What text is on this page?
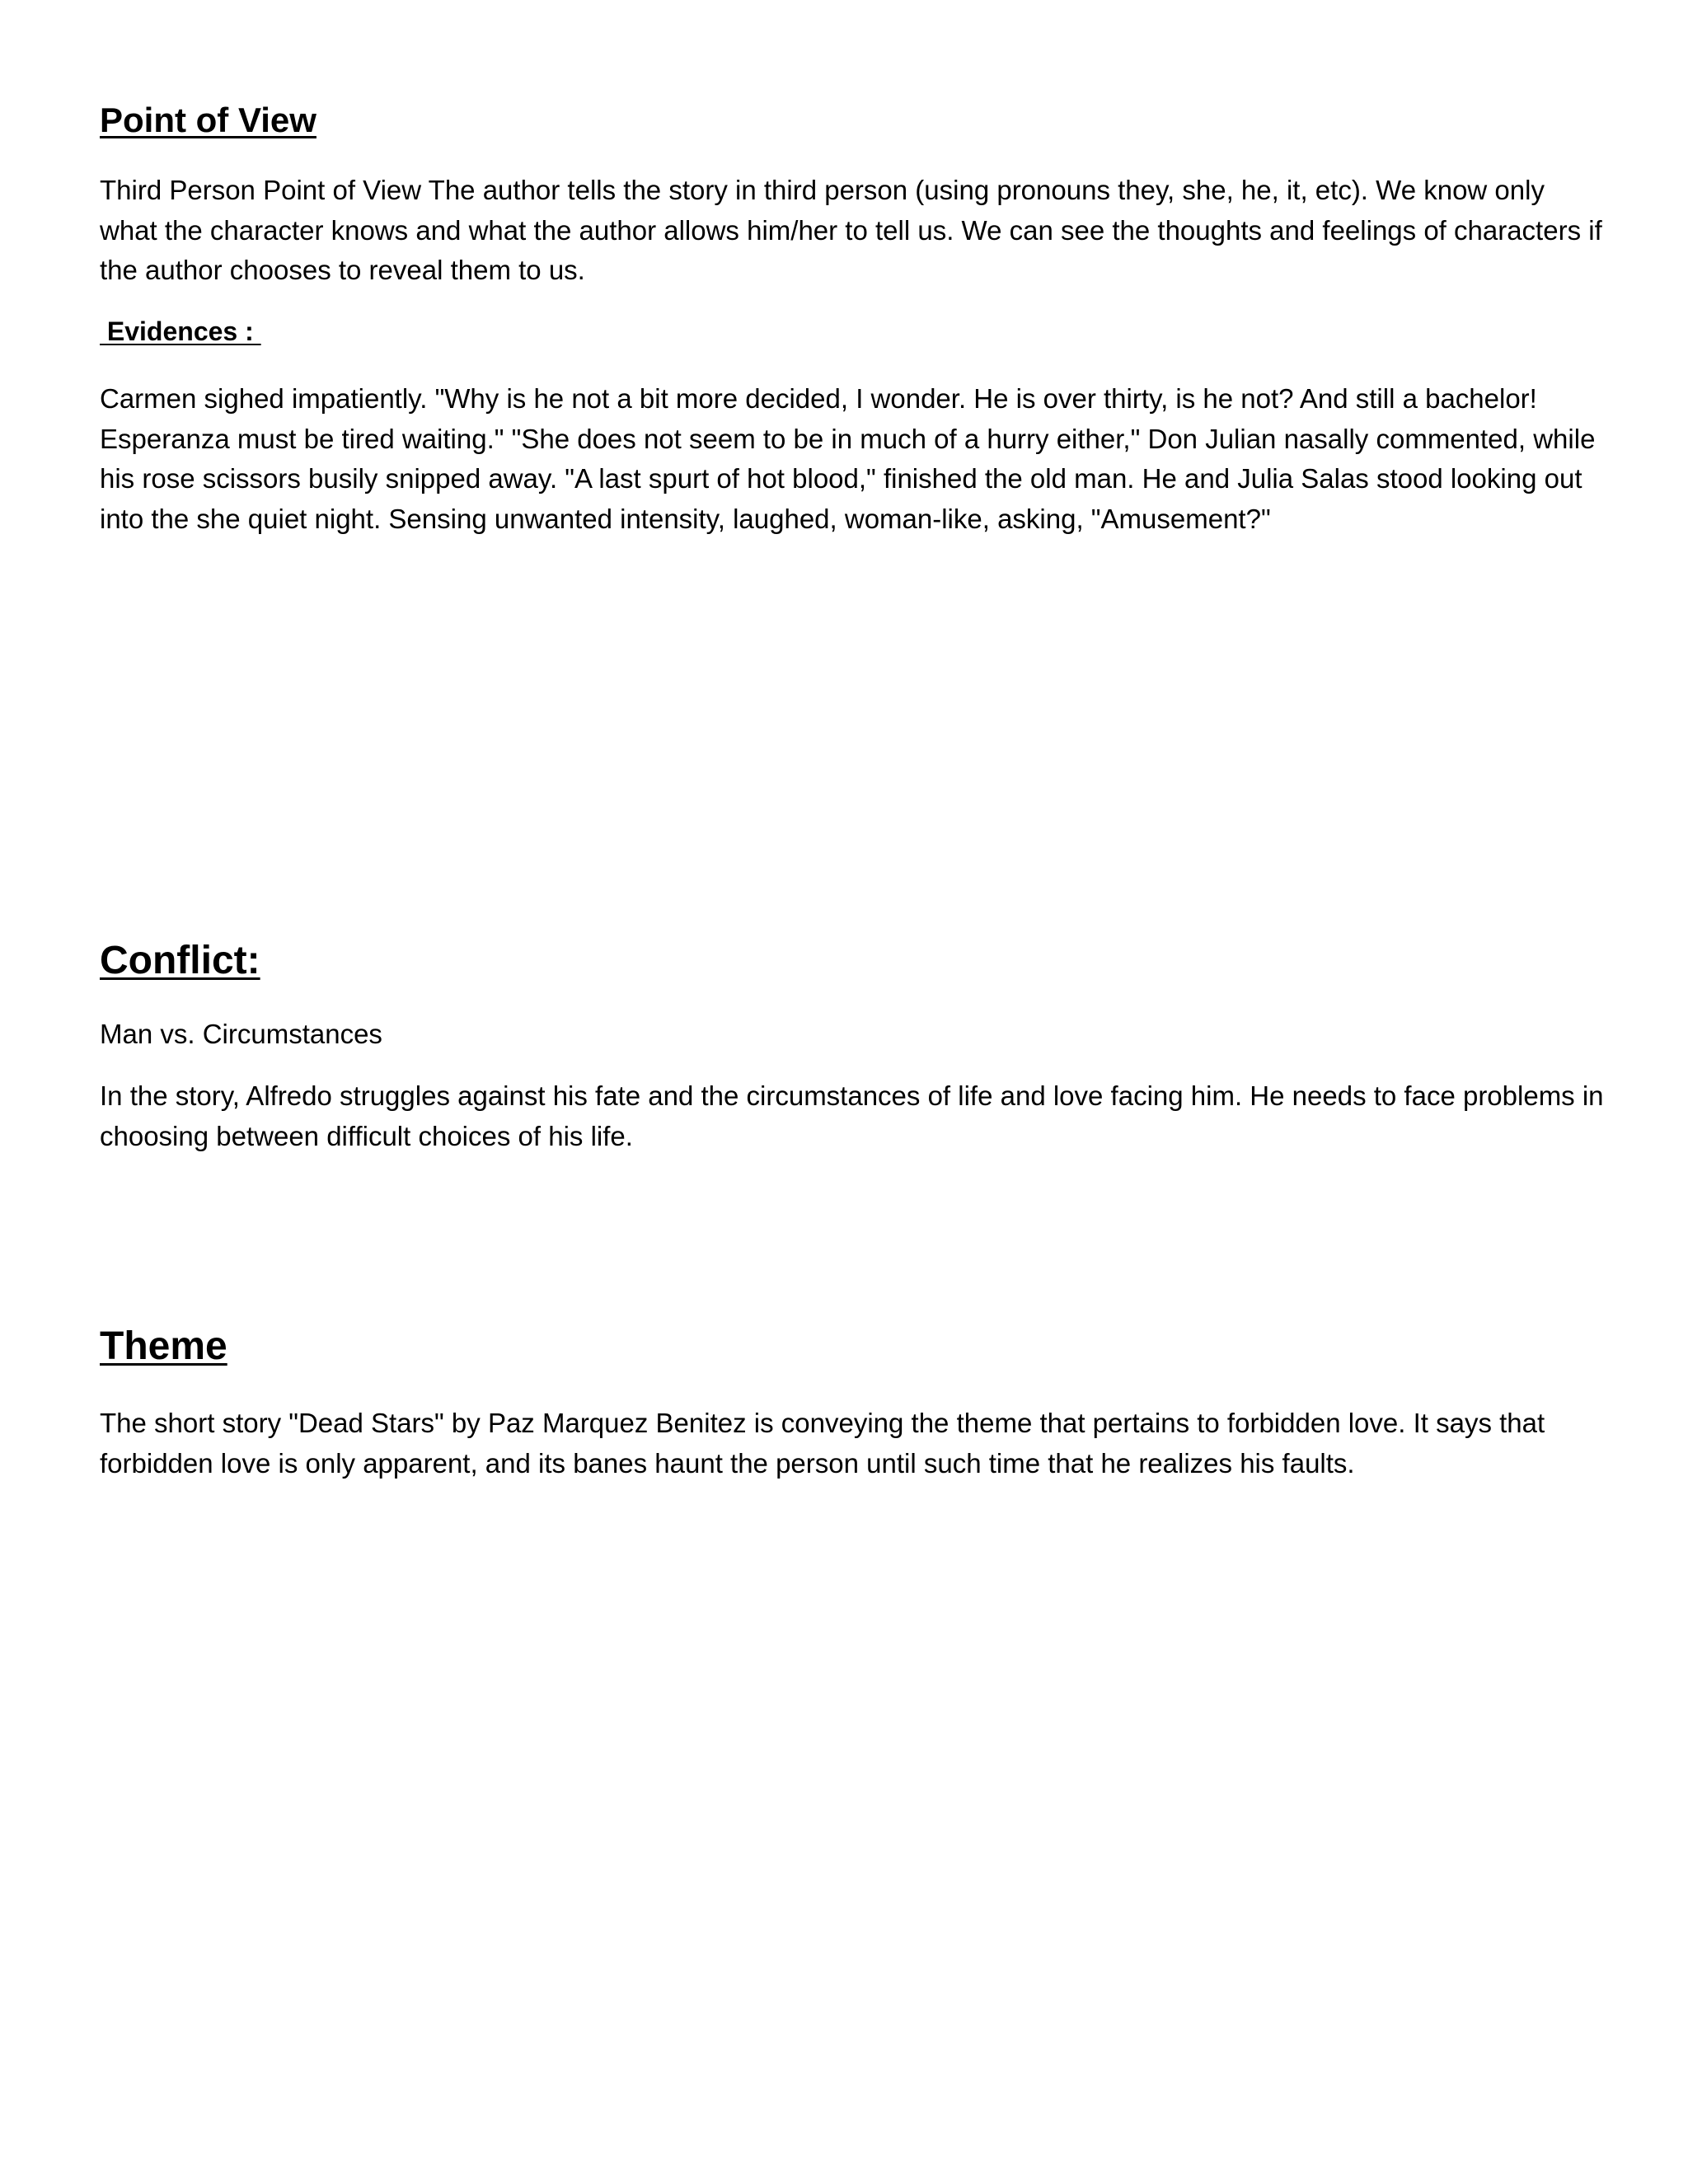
Point of View

Third Person Point of View The author tells the story in third person (using pronouns they, she, he, it, etc). We know only what the character knows and what the author allows him/her to tell us. We can see the thoughts and feelings of characters if the author chooses to reveal them to us.

Evidences :

Carmen sighed impatiently. "Why is he not a bit more decided, I wonder. He is over thirty, is he not? And still a bachelor! Esperanza must be tired waiting." "She does not seem to be in much of a hurry either," Don Julian nasally commented, while his rose scissors busily snipped away. "A last spurt of hot blood," finished the old man. He and Julia Salas stood looking out into the she quiet night. Sensing unwanted intensity, laughed, woman-like, asking, "Amusement?"

Conflict:

Man vs. Circumstances

In the story, Alfredo struggles against his fate and the circumstances of life and love facing him. He needs to face problems in choosing between difficult choices of his life.

Theme

The short story "Dead Stars" by Paz Marquez Benitez is conveying the theme that pertains to forbidden love. It says that forbidden love is only apparent, and its banes haunt the person until such time that he realizes his faults.
